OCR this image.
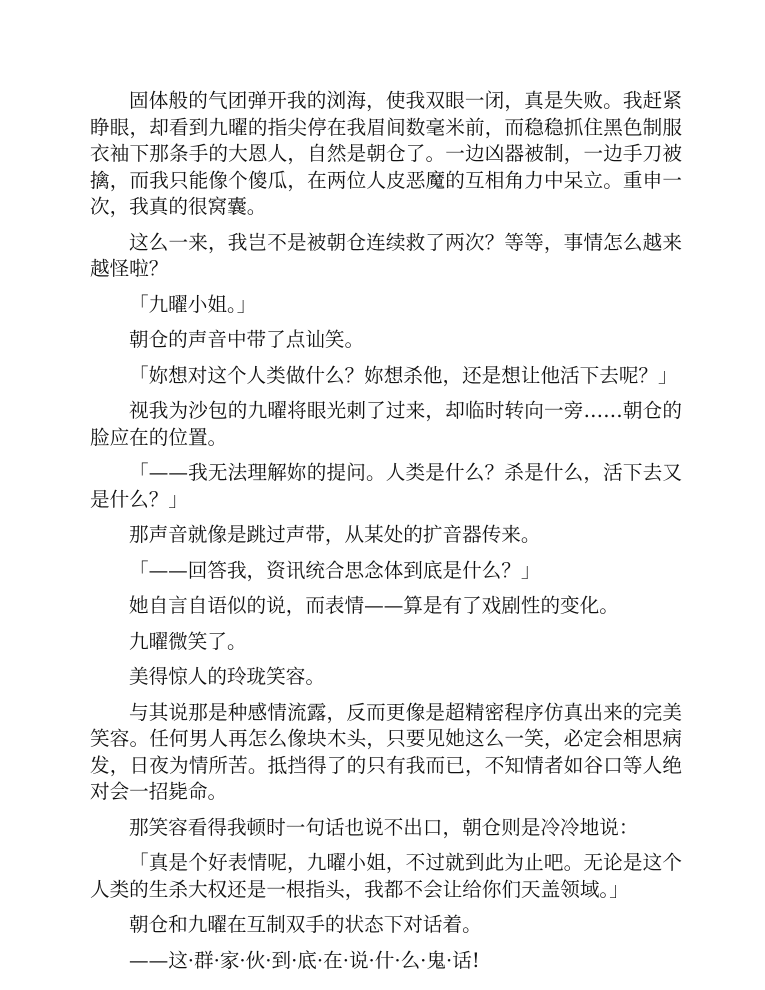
固体般的气团弹开我的浏海，使我双眼一闭，真是失败。我赶紧睁眼，却看到九曜的指尖停在我眉间数毫米前，而稳稳抓住黑色制服衣袖下那条手的大恩人，自然是朝仓了。一边凶器被制，一边手刀被擒，而我只能像个傻瓜，在两位人皮恶魔的互相角力中呆立。重申一次，我真的很窝囊。

这么一来，我岂不是被朝仓连续救了两次？等等，事情怎么越来越怪啦？

「九曜小姐。」

朝仓的声音中带了点讪笑。

「妳想对这个人类做什么？妳想杀他，还是想让他活下去呢？」

视我为沙包的九曜将眼光刺了过来，却临时转向一旁……朝仓的脸应在的位置。

「——我无法理解妳的提问。人类是什么？杀是什么，活下去又是什么？」

那声音就像是跳过声带，从某处的扩音器传来。

「——回答我，资讯统合思念体到底是什么？」

她自言自语似的说，而表情——算是有了戏剧性的变化。

九曜微笑了。

美得惊人的玲珑笑容。

与其说那是种感情流露，反而更像是超精密程序仿真出来的完美笑容。任何男人再怎么像块木头，只要见她这么一笑，必定会相思病发，日夜为情所苦。抵挡得了的只有我而已，不知情者如谷口等人绝对会一招毙命。

那笑容看得我顿时一句话也说不出口，朝仓则是冷冷地说：

「真是个好表情呢，九曜小姐，不过就到此为止吧。无论是这个人类的生杀大权还是一根指头，我都不会让给你们天盖领域。」

朝仓和九曜在互制双手的状态下对话着。

——这·群·家·伙·到·底·在·说·什·么·鬼·话!
